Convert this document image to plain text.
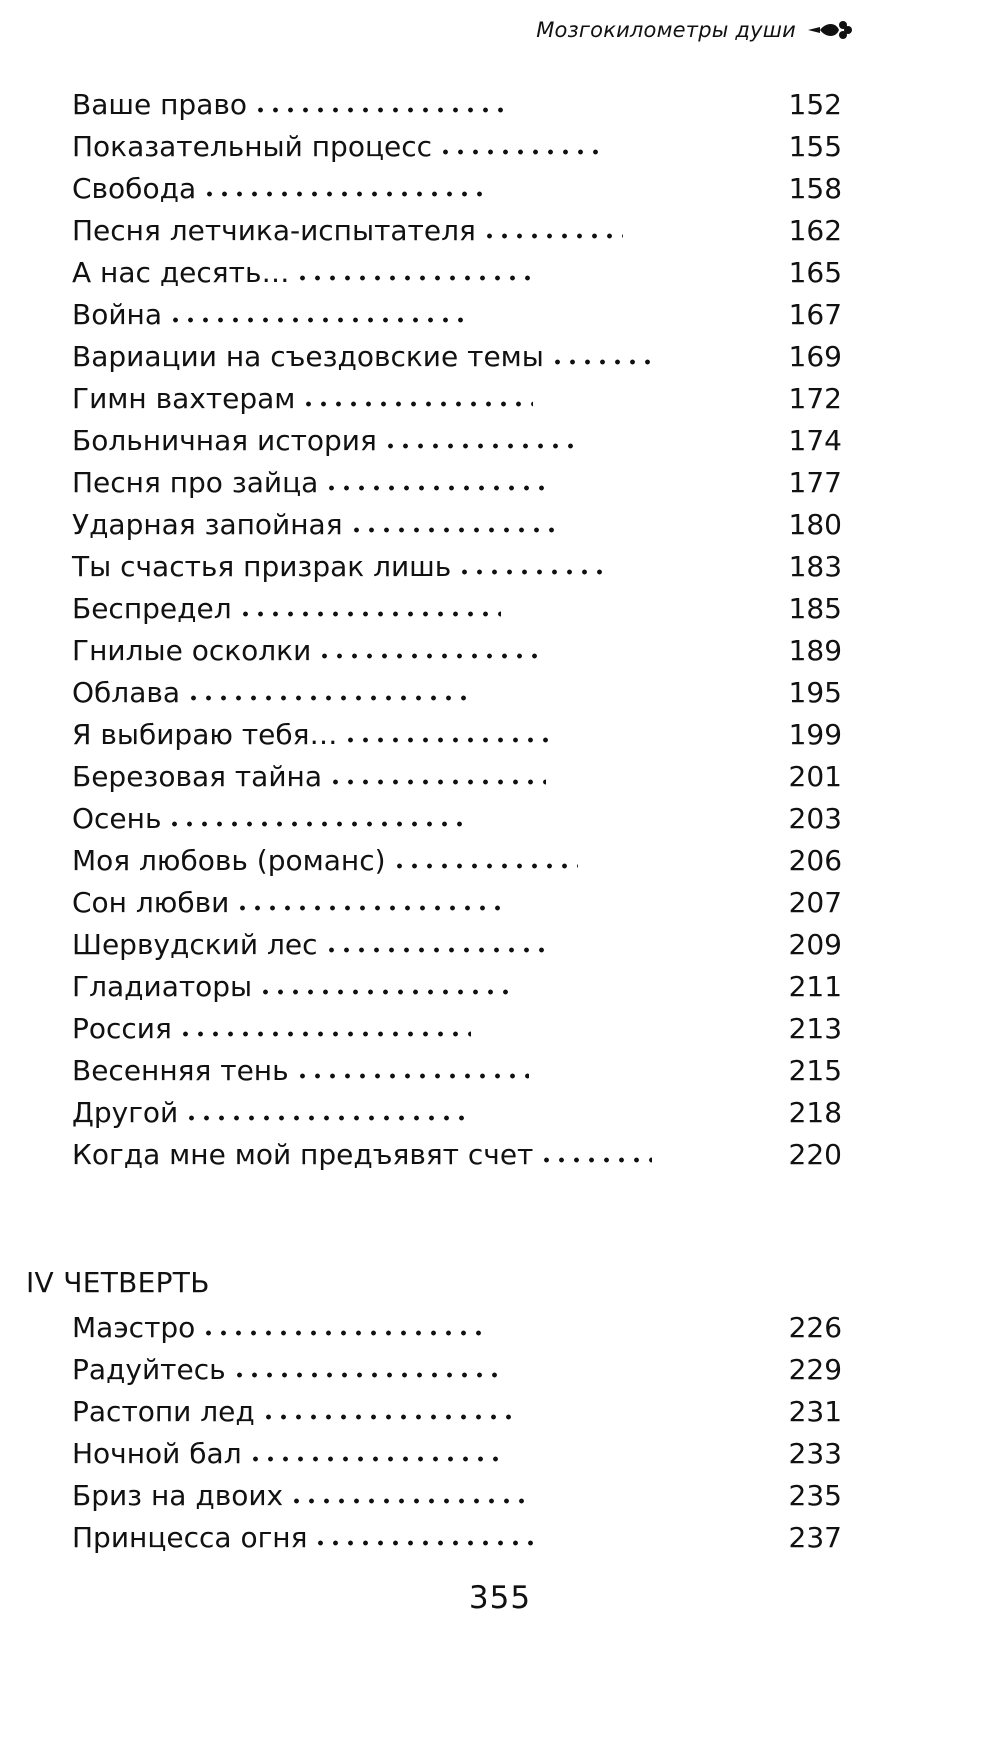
Мозгокилометры души
Ваше право	152
Показательный процесс	155
Свобода	158
Песня летчика-испытателя	162
А нас десять…	165
Война	167
Вариации на съездовские темы	169
Гимн вахтерам	172
Больничная история	174
Песня про зайца	177
Ударная запойная	180
Ты счастья призрак лишь	183
Беспредел	185
Гнилые осколки	189
Облава	195
Я выбираю тебя…	199
Березовая тайна	201
Осень	203
Моя любовь (романс)	206
Сон любви	207
Шервудский лес	209
Гладиаторы	211
Россия	213
Весенняя тень	215
Другой	218
Когда мне мой предъявят счет	220
IV ЧЕТВЕРТЬ
Маэстро	226
Радуйтесь	229
Растопи лед	231
Ночной бал	233
Бриз на двоих	235
Принцесса огня	237
355
